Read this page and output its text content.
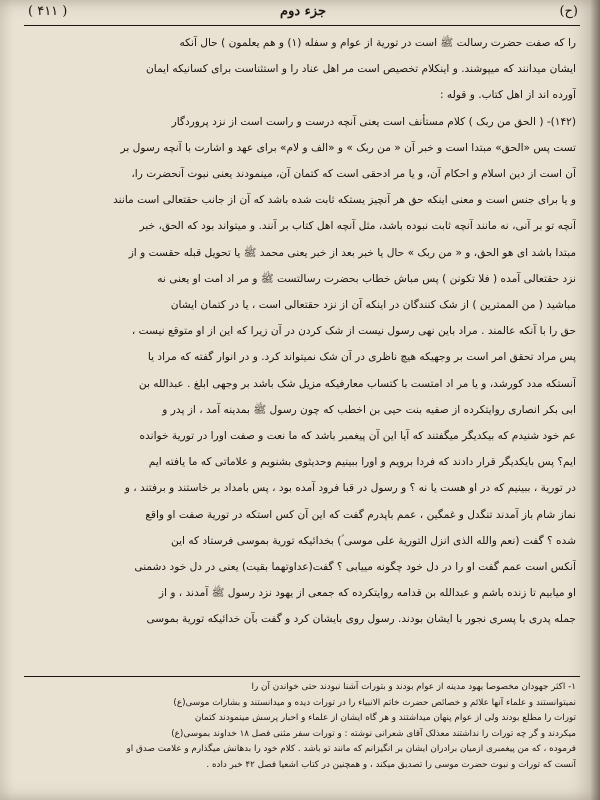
(ح)
جزء دوم
( ۴۱۱ )

را که صفت حضرت رسالت ﷺ است در توریة از عوام و سفله (۱) و هم یعلمون ) حال آنکه

ایشان میدانند که میپوشند. و اینکلام تخصیص است مر اهل عناد را و استثناست برای کسانیکه ایمان

آورده اند از اهل کتاب. و قوله :

(۱۴۲)- ( الحق من ربک ) کلام مستأنف است یعنی آنچه درست و راست است از نزد پروردگار

تست پس «الحق» مبتدا است و خبر آن « من ربک » و «الف و لام» برای عهد و اشارت با آنچه رسول بر

آن است از دین اسلام و احکام آن، و یا مر ادحقی است که کتمان آن، مینمودند یعنی نبوت آنحضرت را،

و یا برای جنس است و معنی اینکه حق هر آنچیز یستکه ثابت شده باشد که آن از جانب حقتعالی است مانند

آنچه تو بر آنی، نه مانند آنچه ثابت نبوده باشد، مثل آنچه اهل کتاب بر آنند. و میتواند بود که الحق، خبر

مبتدا باشد ای هو الحق، و « من ربک » حال یا خبر بعد از خبر یعنی محمد ﷺ یا تحویل قبله حقست و از

نزد حقتعالی آمده ( فلا تکونن ) پس مباش خطاب بحضرت رسالتست ﷺ و مر اد امت او یعنی نه

مباشید ( من الممترین ) از شک کنندگان در اینکه آن از نزد حقتعالی است ، یا در کتمان ایشان

حق را با آنکه عالمند . مراد باین نهی رسول نیست از شک کردن در آن زیرا که این از او متوقع نیست ،

پس مراد تحقق امر است بر وجهیکه هیچ ناظری در آن شک نمیتواند کرد. و در انوار گفته که مراد یا

آنستکه مدد کورشد، و یا مر اد امتست با کتساب معارفیکه مزیل شک باشد بر وجهی ابلغ . عبدالله بن

ابی بکر انصاری روایتکرده از صفیه بنت حیی بن اخطب که چون رسول ﷺ بمدینه آمد ، از پدر و

عم خود شنیدم که بیکدیگر میگفتند که آیا این آن پیغمبر باشد که ما نعت و صفت اورا در توریة خوانده

ایم؟ پس بایکدیگر قرار دادند که فردا برویم و اورا ببینیم وحدیثوی بشنویم و علاماتی که ما یافته ایم

در توریة ، ببینیم که در او هست یا نه ؟ و رسول در قبا فرود آمده بود ، پس بامداد بر خاستند و برفتند ، و

نماز شام باز آمدند تنگدل و غمگین ، عمم باپدرم گفت که این آن کس استکه در توریة صفت او واقع

شده ؟ گفت (نعم والله الذی انزل التورية علی موسی ؑ) بخدائیکه توریة بموسی فرستاد که این

آنکس است عمم گفت او را در دل خود چگونه مییابی ؟ گفت(عداوتهما بقيت) یعنی در دل خود دشمنی

او میابیم تا زنده باشم و عبدالله بن قدامه روایتکرده که جمعی از یهود نزد رسول ﷺ آمدند ، و از

جمله پدری با پسری نجور با ایشان بودند. رسول روی بایشان کرد و گفت بآن خدائیکه توریة بموسی

۱- اکثر جهودان مخصوصا یهود مدینه از عوام بودند و بتورات آشنا نبودند حتی خواندن آن را

نمیتوانستند و علماء آنها علائم و خصائص حضرت خاتم الانبیاء را در تورات دیده و میدانستند و بشارات موسی(ع)

تورات را مطلع بودند ولی از عوام پنهان میداشتند و هر گاه ایشان از علماء و احبار پرسش مینمودند کتمان

میکردند و گر چه تورات را نداشتند معذلک آقای شعرانی نوشته : و تورات سفر مثنی فصل ۱۸ خداوند بموسی(ع)

فرموده ، که من پیغمبری ازمیان برادران ایشان بر انگیزانم که مانند تو باشد . کلام خود را بدهانش میگذارم و علامت صدق او

آنست که تورات و نبوت حضرت موسی را تصدیق میکند ، و همچنین در کتاب اشعیا فصل ۴۲ خبر داده .
